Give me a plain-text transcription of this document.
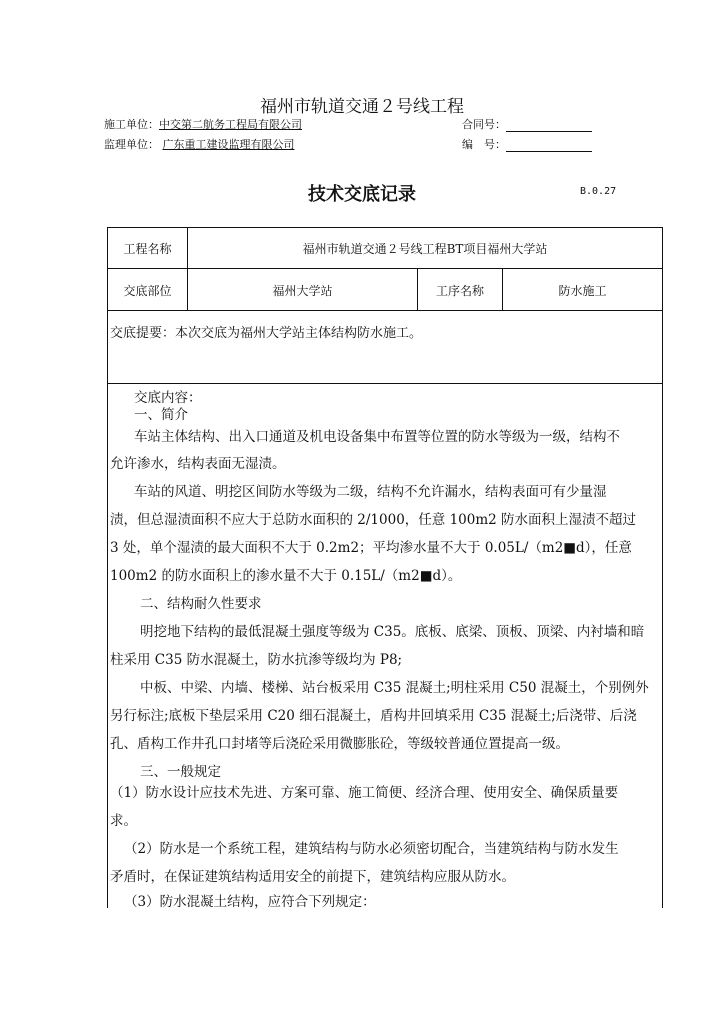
福州市轨道交通２号线工程
施工单位：中交第二航务工程局有限公司	合同号：
监理单位： 广东重工建设监理有限公司	编　号：
技术交底记录	B.0.27
工程名称	福州市轨道交通２号线工程BT项目福州大学站
交底部位	福州大学站	工序名称	防水施工
交底提要：本次交底为福州大学站主体结构防水施工。
交底内容：
一、简介
车站主体结构、出入口通道及机电设备集中布置等位置的防水等级为一级，结构不
允许渗水，结构表面无湿渍。
车站的风道、明挖区间防水等级为二级，结构不允许漏水，结构表面可有少量湿
渍，但总湿渍面积不应大于总防水面积的 2/1000，任意 100m2 防水面积上湿渍不超过
3 处，单个湿渍的最大面积不大于 0.2m2；平均渗水量不大于 0.05L/（m2■d），任意
100m2 的防水面积上的渗水量不大于 0.15L/（m2■d）。
二、结构耐久性要求
明挖地下结构的最低混凝土强度等级为 C35。底板、底梁、顶板、顶梁、内衬墙和暗
柱采用 C35 防水混凝土，防水抗渗等级均为 P8;
中板、中梁、内墙、楼梯、站台板采用 C35 混凝土;明柱采用 C50 混凝土，个别例外
另行标注;底板下垫层采用 C20 细石混凝土，盾构井回填采用 C35 混凝土;后浇带、后浇
孔、盾构工作井孔口封堵等后浇砼采用微膨胀砼，等级较普通位置提高一级。
三、一般规定
（1）防水设计应技术先进、方案可靠、施工简便、经济合理、使用安全、确保质量要
求。
（2）防水是一个系统工程，建筑结构与防水必须密切配合，当建筑结构与防水发生
矛盾时，在保证建筑结构适用安全的前提下，建筑结构应服从防水。
（3）防水混凝土结构，应符合下列规定：
